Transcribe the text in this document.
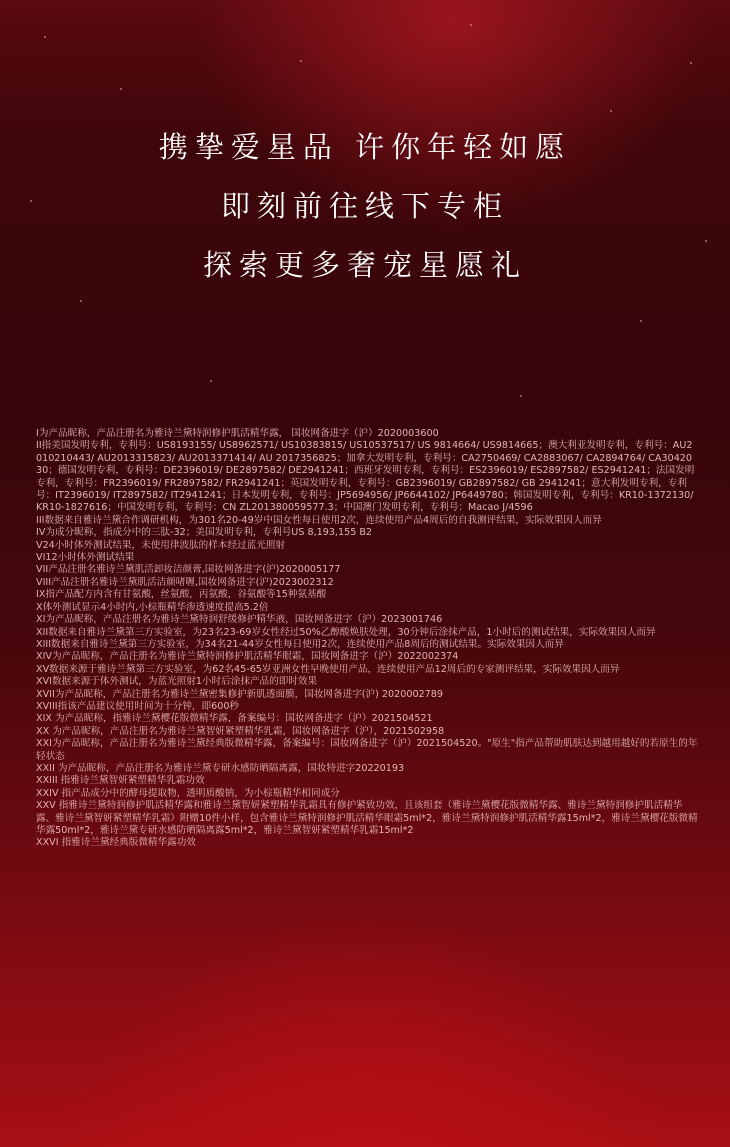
携挚爱星品 许你年轻如愿
即刻前往线下专柜
探索更多奢宠星愿礼

I为产品昵称，产品注册名为雅诗兰黛特润修护肌活精华露， 国妆网备进字（沪）2020003600

II指美国发明专利，专利号：US8193155/ US8962571/ US10383815/ US10537517/ US 9814664/ US9814665；澳大利亚发明专利，专利号：AU2010210443/ AU2013315823/ AU2013371414/ AU 2017356825；加拿大发明专利，专利号：CA2750469/ CA2883067/ CA2894764/ CA3042030；德国发明专利，专利号：DE2396019/ DE2897582/ DE2941241；西班牙发明专利，专利号：ES2396019/ ES2897582/ ES2941241；法国发明专利，专利号：FR2396019/ FR2897582/ FR2941241；英国发明专利，专利号：GB2396019/ GB2897582/ GB 2941241；意大利发明专利，专利号：IT2396019/ IT2897582/ IT2941241；日本发明专利，专利号：JP5694956/ JP6644102/ JP6449780；韩国发明专利，专利号：KR10-1372130/ KR10-1827616；中国发明专利，专利号：CN ZL201380059577.3；中国澳门发明专利，专利号：Macao J/4596

III数据来自雅诗兰黛合作调研机构，为301名20-49岁中国女性每日使用2次，连续使用产品4周后的自我测评结果，实际效果因人而异

IV为成分昵称，指成分中的三肽-32；美国发明专利，专利号US 8,193,155 B2

V24小时体外测试结果，未使用律波肽的样本经过蓝光照射

VI12小时体外测试结果

VII产品注册名雅诗兰黛肌活卸妆洁颜膏,国妆网备进字(沪)2020005177

VIII产品注册名雅诗兰黛肌活洁颜啫喱,国妆网备进字(沪)2023002312

IX指产品配方内含有甘氨酸，丝氨酸，丙氨酸，谷氨酸等15种氨基酸

X体外测试显示4小时内,小棕瓶精华渗透速度提高5.2倍

XI为产品昵称，产品注册名为雅诗兰黛特润舒缓修护精华液，国妆网备进字（沪）2023001746

XII数据来自雅诗兰黛第三方实验室，为23名23-69岁女性经过50%乙醇酸焕肤处理，30分钟后涂抹产品，1小时后的测试结果，实际效果因人而异

XIII数据来自雅诗兰黛第三方实验室，为34名21-44岁女性每日使用2次，连续使用产品8周后的测试结果。实际效果因人而异

XIV为产品昵称，产品注册名为雅诗兰黛特润修护肌活精华眼霜，国妆网备进字（沪）2022002374

XV数据来源于雅诗兰黛第三方实验室，为62名45-65岁亚洲女性早晚使用产品，连续使用产品12周后的专家测评结果，实际效果因人而异

XVI数据来源于体外测试，为蓝光照射1小时后涂抹产品的即时效果

XVII为产品昵称，产品注册名为雅诗兰黛密集修护新肌透面膜，国妆网备进字(沪) 2020002789

XVIII指该产品建议使用时间为十分钟，即600秒

XIX 为产品昵称，指雅诗兰黛樱花版微精华露，备案编号：国妆网备进字（沪）2021504521

XX 为产品昵称，产品注册名为雅诗兰黛智妍紧塑精华乳霜，国妆网备进字（沪），2021502958

XXI为产品昵称，产品注册名为雅诗兰黛经典版微精华露，备案编号：国妆网备进字（沪）2021504520。"原生"指产品帮助肌肤达到越用越好的若原生的年轻状态

XXII 为产品昵称，产品注册名为雅诗兰黛专研水感防晒隔离露，国妆特进字20220193

XXIII 指雅诗兰黛智妍紧塑精华乳霜功效

XXIV 指产品成分中的酵母提取物，透明质酸钠，为小棕瓶精华相同成分

XXV 指雅诗兰黛特润修护肌活精华露和雅诗兰黛智妍紧塑精华乳霜具有修护紧致功效，且该组套（雅诗兰黛樱花版微精华露、雅诗兰黛特润修护肌活精华露、雅诗兰黛智妍紧塑精华乳霜）附赠10件小样，包含雅诗兰黛特润修护肌活精华眼霜5ml*2，雅诗兰黛特润修护肌活精华露15ml*2，雅诗兰黛樱花版微精华露50ml*2，雅诗兰黛专研水感防晒隔离露5ml*2，雅诗兰黛智妍紧塑精华乳霜15ml*2

XXVI 指雅诗兰黛经典版微精华露功效
